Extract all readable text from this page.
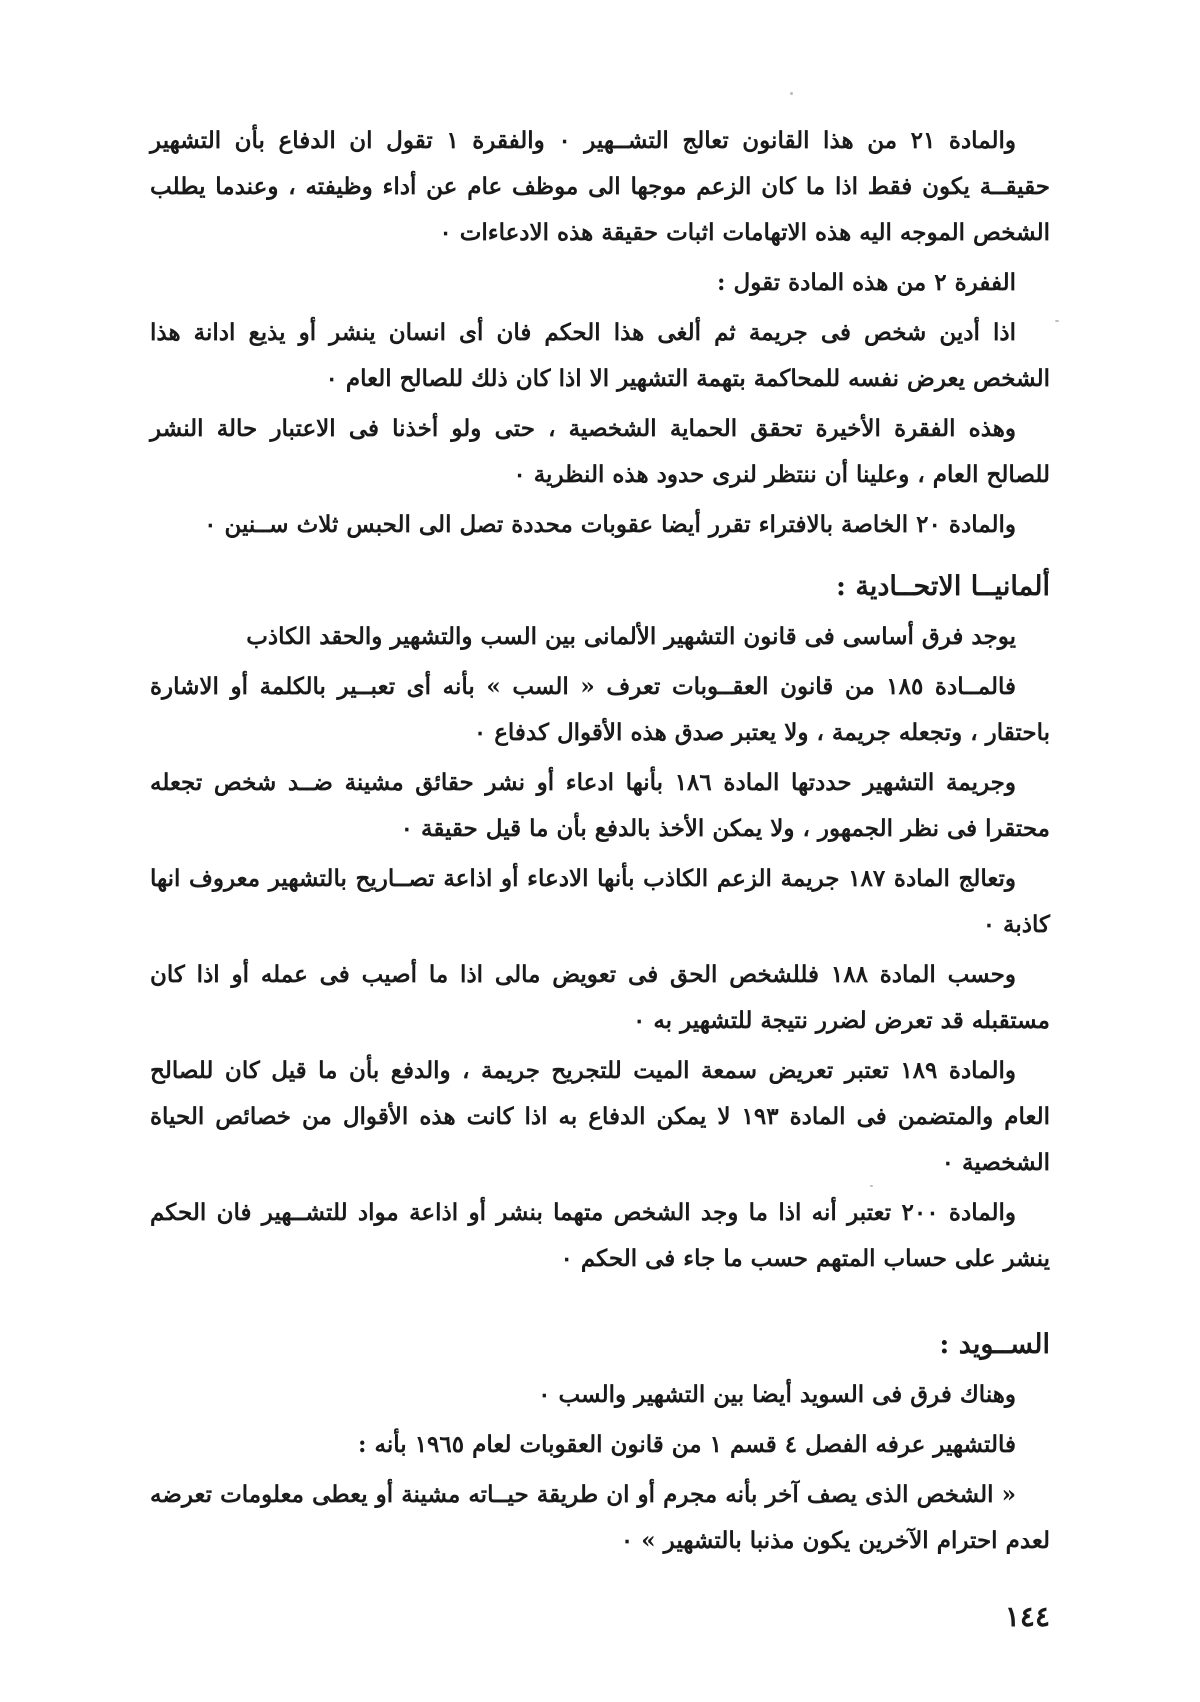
والمادة ٢١ من هذا القانون تعالج التشــهير ٠ والفقرة ١ تقول ان الدفاع بأن التشهير حقيقــة يكون فقط اذا ما كان الزعم موجها الى موظف عام عن أداء وظيفته ، وعندما يطلب الشخص الموجه اليه هذه الاتهامات اثبات حقيقة هذه الادعاءات ٠

الففرة ٢ من هذه المادة تقول :

اذا أدين شخص فى جريمة ثم ألغى هذا الحكم فان أى انسان ينشر أو يذيع ادانة هذا الشخص يعرض نفسه للمحاكمة بتهمة التشهير الا اذا كان ذلك للصالح العام ٠

وهذه الفقرة الأخيرة تحقق الحماية الشخصية ، حتى ولو أخذنا فى الاعتبار حالة النشر للصالح العام ، وعلينا أن ننتظر لنرى حدود هذه النظرية ٠

والمادة ٢٠ الخاصة بالافتراء تقرر أيضا عقوبات محددة تصل الى الحبس ثلاث ســنين ٠

ألمانيــا الاتحــادية :

يوجد فرق أساسى فى قانون التشهير الألمانى بين السب والتشهير والحقد الكاذب

فالمــادة ١٨٥ من قانون العقــوبات تعرف « السب » بأنه أى تعبــير بالكلمة أو الاشارة باحتقار ، وتجعله جريمة ، ولا يعتبر صدق هذه الأقوال كدفاع ٠

وجريمة التشهير حددتها المادة ١٨٦ بأنها ادعاء أو نشر حقائق مشينة ضــد شخص تجعله محتقرا فى نظر الجمهور ، ولا يمكن الأخذ بالدفع بأن ما قيل حقيقة ٠

وتعالج المادة ١٨٧ جريمة الزعم الكاذب بأنها الادعاء أو اذاعة تصــاريح بالتشهير معروف انها كاذبة ٠

وحسب المادة ١٨٨ فللشخص الحق فى تعويض مالى اذا ما أصيب فى عمله أو اذا كان مستقبله قد تعرض لضرر نتيجة للتشهير به ٠

والمادة ١٨٩ تعتبر تعريض سمعة الميت للتجريح جريمة ، والدفع بأن ما قيل كان للصالح العام والمتضمن فى المادة ١٩٣ لا يمكن الدفاع به اذا كانت هذه الأقوال من خصائص الحياة الشخصية ٠

والمادة ٢٠٠ تعتبر أنه اذا ما وجد الشخص متهما بنشر أو اذاعة مواد للتشــهير فان الحكم ينشر على حساب المتهم حسب ما جاء فى الحكم ٠

الســويد :

وهناك فرق فى السويد أيضا بين التشهير والسب ٠

فالتشهير عرفه الفصل ٤ قسم ١ من قانون العقوبات لعام ١٩٦٥ بأنه :

« الشخص الذى يصف آخر بأنه مجرم أو ان طريقة حيــاته مشينة أو يعطى معلومات تعرضه لعدم احترام الآخرين يكون مذنبا بالتشهير » ٠

١٤٤
